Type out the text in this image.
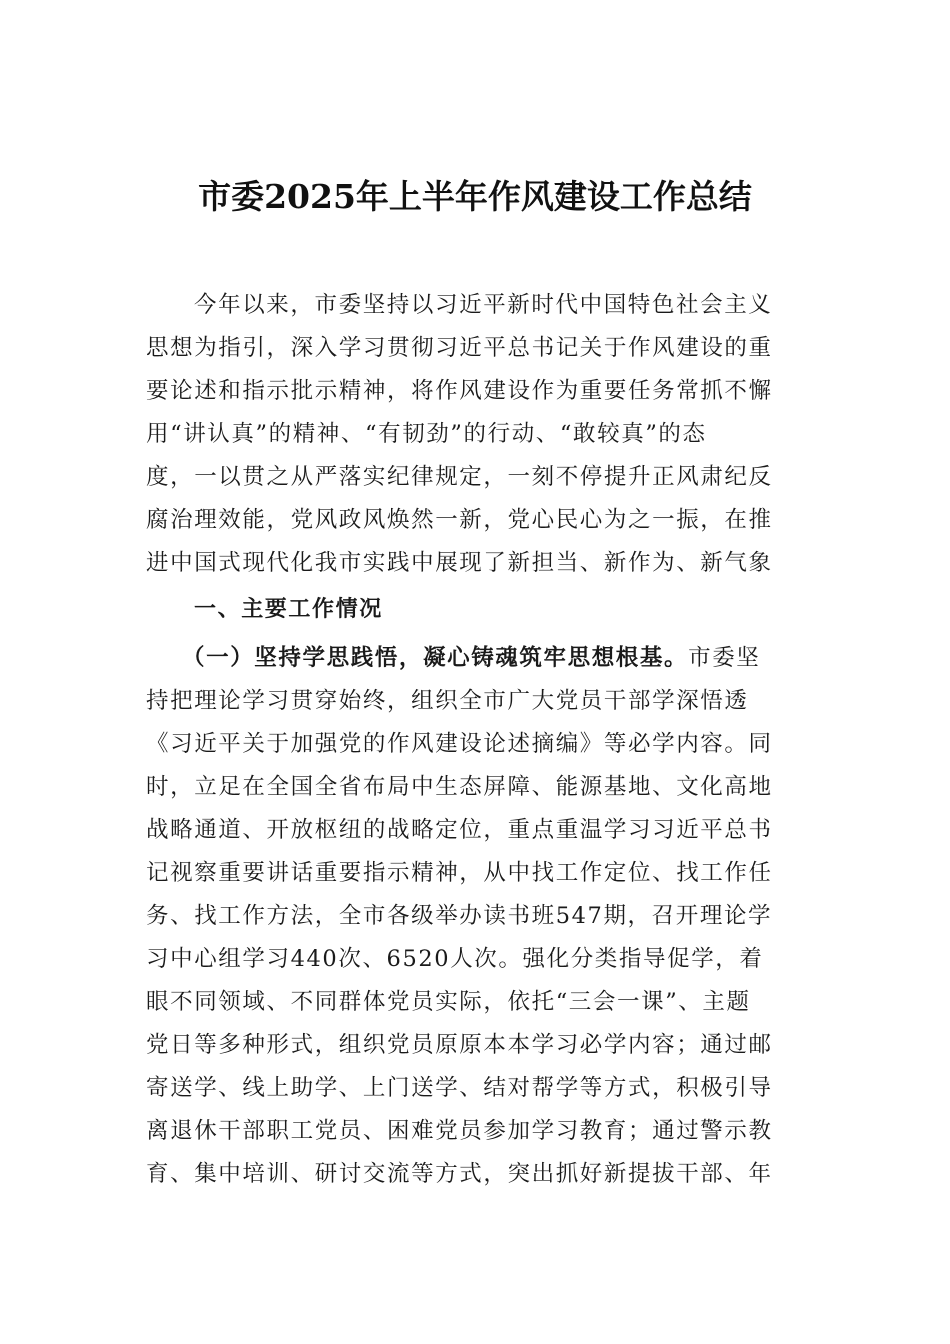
市委2025年上半年作风建设工作总结
今年以来，市委坚持以习近平新时代中国特色社会主义
思想为指引，深入学习贯彻习近平总书记关于作风建设的重
要论述和指示批示精神，将作风建设作为重要任务常抓不懈
用“讲认真”的精神、“有韧劲”的行动、“敢较真”的态
度，一以贯之从严落实纪律规定，一刻不停提升正风肃纪反
腐治理效能，党风政风焕然一新，党心民心为之一振，在推
进中国式现代化我市实践中展现了新担当、新作为、新气象
一、主要工作情况
（一）坚持学思践悟，凝心铸魂筑牢思想根基。市委坚
持把理论学习贯穿始终，组织全市广大党员干部学深悟透
《习近平关于加强党的作风建设论述摘编》等必学内容。同
时，立足在全国全省布局中生态屏障、能源基地、文化高地
战略通道、开放枢纽的战略定位，重点重温学习习近平总书
记视察重要讲话重要指示精神，从中找工作定位、找工作任
务、找工作方法，全市各级举办读书班547期，召开理论学
习中心组学习440次、6520人次。强化分类指导促学，着
眼不同领域、不同群体党员实际，依托“三会一课”、主题
党日等多种形式，组织党员原原本本学习必学内容；通过邮
寄送学、线上助学、上门送学、结对帮学等方式，积极引导
离退休干部职工党员、困难党员参加学习教育；通过警示教
育、集中培训、研讨交流等方式，突出抓好新提拔干部、年
